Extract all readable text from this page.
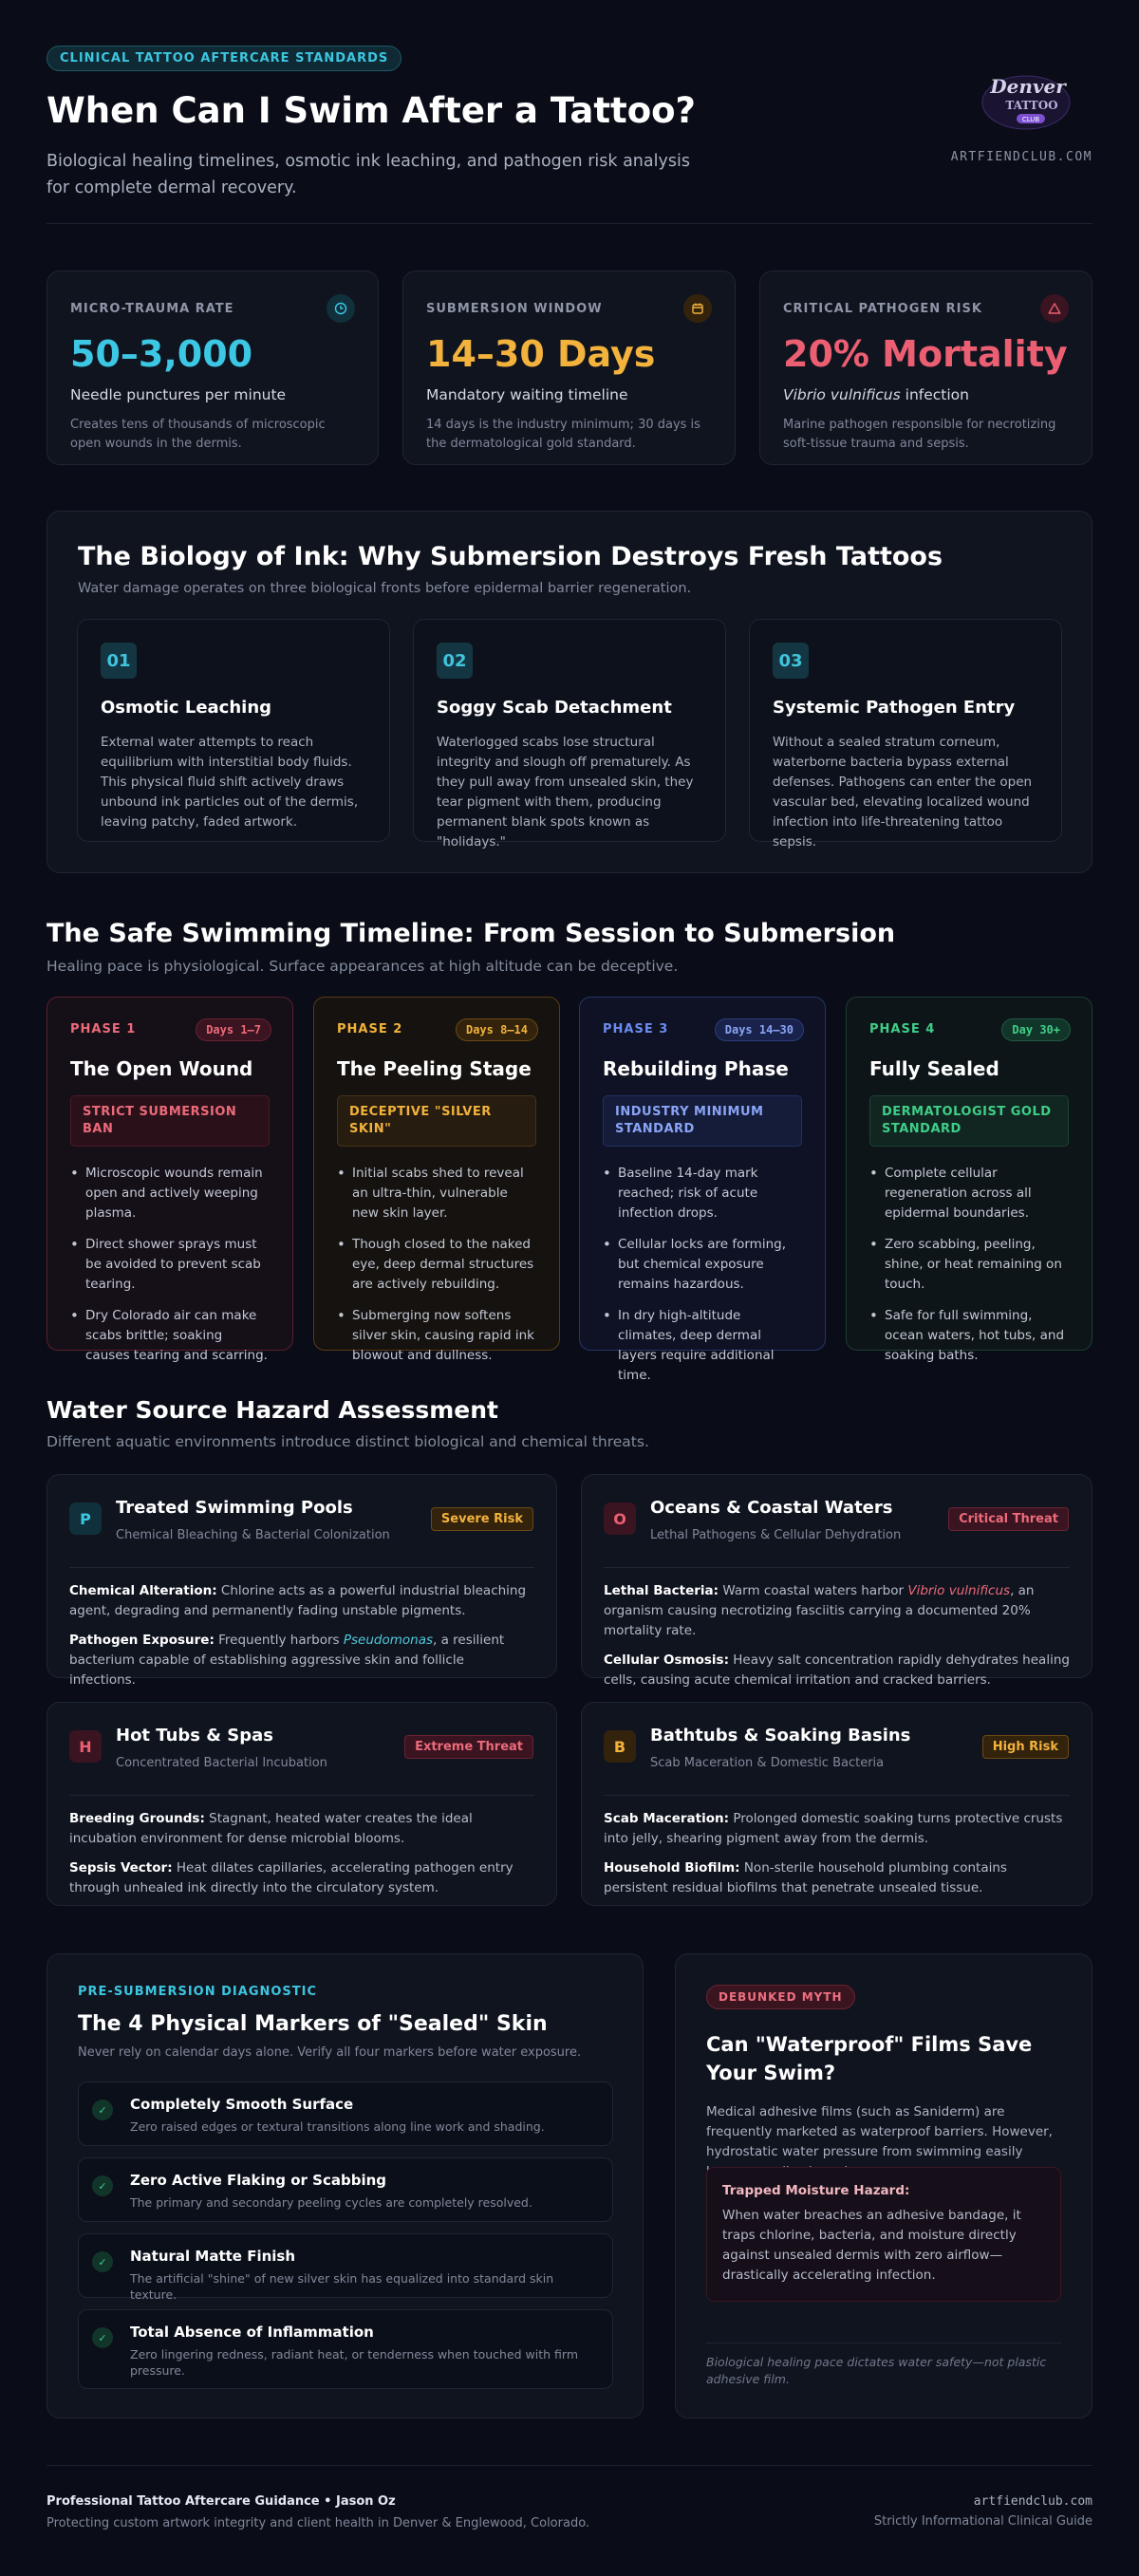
CLINICAL TATTOO AFTERCARE STANDARDS
When Can I Swim After a Tattoo?

Biological healing timelines, osmotic ink leaching, and pathogen risk analysis for complete dermal recovery.

Denver
TATTOO
CLUB
ARTFIENDCLUB.COM
MICRO-TRAUMA RATE
50–3,000
Needle punctures per minute
Creates tens of thousands of microscopic open wounds in the dermis.
SUBMERSION WINDOW
14–30 Days
Mandatory waiting timeline
14 days is the industry minimum; 30 days is the dermatological gold standard.
CRITICAL PATHOGEN RISK
20% Mortality
Vibrio vulnificus infection
Marine pathogen responsible for necrotizing soft-tissue trauma and sepsis.
The Biology of Ink: Why Submersion Destroys Fresh Tattoos
Water damage operates on three biological fronts before epidermal barrier regeneration.
01
Osmotic Leaching
External water attempts to reach equilibrium with interstitial body fluids. This physical fluid shift actively draws unbound ink particles out of the dermis, leaving patchy, faded artwork.
02
Soggy Scab Detachment
Waterlogged scabs lose structural integrity and slough off prematurely. As they pull away from unsealed skin, they tear pigment with them, producing permanent blank spots known as "holidays."
03
Systemic Pathogen Entry
Without a sealed stratum corneum, waterborne bacteria bypass external defenses. Pathogens can enter the open vascular bed, elevating localized wound infection into life-threatening tattoo sepsis.
The Safe Swimming Timeline: From Session to Submersion
Healing pace is physiological. Surface appearances at high altitude can be deceptive.
PHASE 1	Days 1–7
The Open Wound
STRICT SUBMERSION BAN
• Microscopic wounds remain open and actively weeping plasma.
• Direct shower sprays must be avoided to prevent scab tearing.
• Dry Colorado air can make scabs brittle; soaking causes tearing and scarring.
PHASE 2	Days 8–14
The Peeling Stage
DECEPTIVE "SILVER SKIN"
• Initial scabs shed to reveal an ultra-thin, vulnerable new skin layer.
• Though closed to the naked eye, deep dermal structures are actively rebuilding.
• Submerging now softens silver skin, causing rapid ink blowout and dullness.
PHASE 3	Days 14–30
Rebuilding Phase
INDUSTRY MINIMUM STANDARD
• Baseline 14-day mark reached; risk of acute infection drops.
• Cellular locks are forming, but chemical exposure remains hazardous.
• In dry high-altitude climates, deep dermal layers require additional time.
PHASE 4	Day 30+
Fully Sealed
DERMATOLOGIST GOLD STANDARD
• Complete cellular regeneration across all epidermal boundaries.
• Zero scabbing, peeling, shine, or heat remaining on touch.
• Safe for full swimming, ocean waters, hot tubs, and soaking baths.
Water Source Hazard Assessment
Different aquatic environments introduce distinct biological and chemical threats.
P
Treated Swimming Pools
Chemical Bleaching & Bacterial Colonization
Severe Risk

Chemical Alteration: Chlorine acts as a powerful industrial bleaching agent, degrading and permanently fading unstable pigments.

Pathogen Exposure: Frequently harbors Pseudomonas, a resilient bacterium capable of establishing aggressive skin and follicle infections.

O
Oceans & Coastal Waters
Lethal Pathogens & Cellular Dehydration
Critical Threat

Lethal Bacteria: Warm coastal waters harbor Vibrio vulnificus, an organism causing necrotizing fasciitis carrying a documented 20% mortality rate.

Cellular Osmosis: Heavy salt concentration rapidly dehydrates healing cells, causing acute chemical irritation and cracked barriers.

H
Hot Tubs & Spas
Concentrated Bacterial Incubation
Extreme Threat

Breeding Grounds: Stagnant, heated water creates the ideal incubation environment for dense microbial blooms.

Sepsis Vector: Heat dilates capillaries, accelerating pathogen entry through unhealed ink directly into the circulatory system.

B
Bathtubs & Soaking Basins
Scab Maceration & Domestic Bacteria
High Risk

Scab Maceration: Prolonged domestic soaking turns protective crusts into jelly, shearing pigment away from the dermis.

Household Biofilm: Non-sterile household plumbing contains persistent residual biofilms that penetrate unsealed tissue.

PRE-SUBMERSION DIAGNOSTIC
The 4 Physical Markers of "Sealed" Skin
Never rely on calendar days alone. Verify all four markers before water exposure.
✓	Completely Smooth Surface
Zero raised edges or textural transitions along line work and shading.
✓	Zero Active Flaking or Scabbing
The primary and secondary peeling cycles are completely resolved.
✓	Natural Matte Finish
The artificial "shine" of new silver skin has equalized into standard skin texture.
✓	Total Absence of Inflammation
Zero lingering redness, radiant heat, or tenderness when touched with firm pressure.
DEBUNKED MYTH
Can "Waterproof" Films Save Your Swim?
Medical adhesive films (such as Saniderm) are frequently marketed as waterproof barriers. However, hydrostatic water pressure from swimming easily
Trapped Moisture Hazard:
When water breaches an adhesive bandage, it traps chlorine, bacteria, and moisture directly against unsealed dermis with zero airflow—drastically accelerating infection.
Biological healing pace dictates water safety—not plastic adhesive film.
Professional Tattoo Aftercare Guidance • Jason Oz
Protecting custom artwork integrity and client health in Denver & Englewood, Colorado.
artfiendclub.com
Strictly Informational Clinical Guide
